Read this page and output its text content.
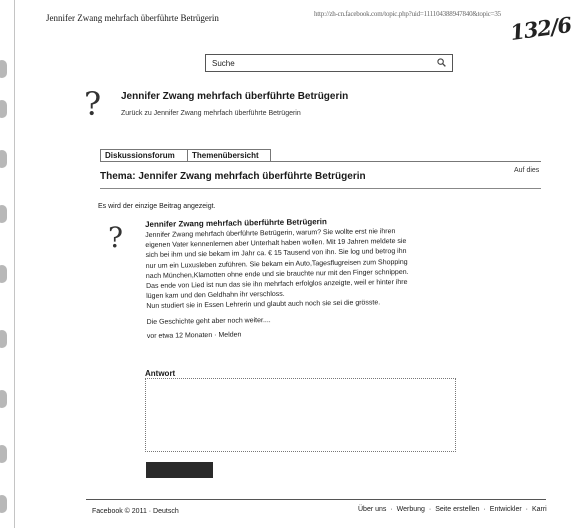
Jennifer Zwang mehrfach überführte Betrügerin	http://zh-cn.facebook.com/topic.php?uid=111104388947840&topic=35 132/6
Suche
? Jennifer Zwang mehrfach überführte Betrügerin
Zurück zu Jennifer Zwang mehrfach überführte Betrügerin
Diskussionsforum	Themenübersicht
Thema: Jennifer Zwang mehrfach überführte Betrügerin
Auf dies
Es wird der einzige Beitrag angezeigt.
?	Jennifer Zwang mehrfach überführte Betrügerin
Jennifer Zwang mehrfach überführte Betrügerin, warum? Sie wollte erst nie ihren
eigenen Vater kennenlernen aber Unterhalt haben wollen. Mit 19 Jahren meldete sie
sich bei ihm und sie bekam im Jahr ca. € 15 Tausend von ihn. Sie log und betrog ihn
nur um ein Luxusleben zuführen. Sie bekam ein Auto,Tagesflugreisen zum Shopping
nach München,Klamotten ohne ende und sie brauchte nur mit den Finger schnippen.
Das ende von Lied ist nun das sie ihn mehrfach erfolglos anzeigte, weil er hinter ihre
lügen kam und den Geldhahn ihr verschloss.
Nun studiert sie in Essen Lehrerin und glaubt auch noch sie sei die grösste.
Die Geschichte geht aber noch weiter....
vor etwa 12 Monaten · Melden
Antwort
Facebook © 2011 · Deutsch	Über uns · Werbung · Seite erstellen · Entwickler · Karri
